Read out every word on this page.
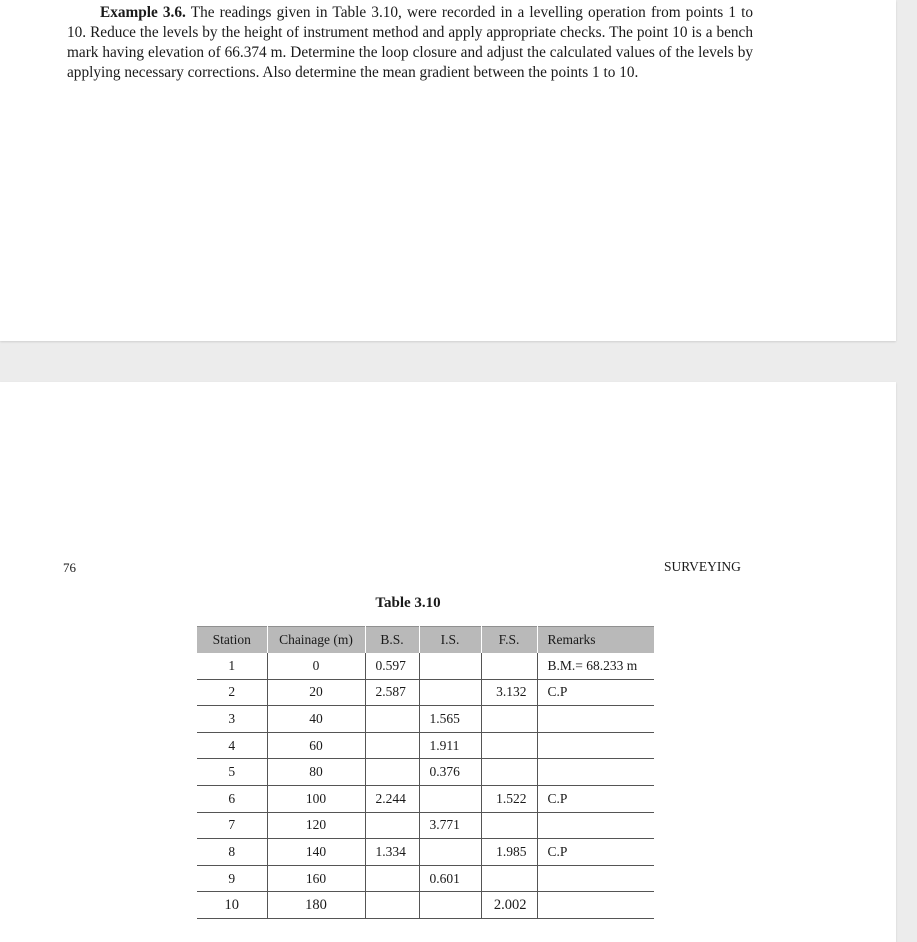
Example 3.6. The readings given in Table 3.10, were recorded in a levelling operation from points 1 to 10. Reduce the levels by the height of instrument method and apply appropriate checks. The point 10 is a bench mark having elevation of 66.374 m. Determine the loop closure and adjust the calculated values of the levels by applying necessary corrections. Also determine the mean gradient between the points 1 to 10.

76	SURVEYING
Table 3.10
Station	Chainage (m)	B.S.	I.S.	F.S.	Remarks
1	0	0.597			B.M.= 68.233 m
2	20	2.587		3.132	C.P
3	40		1.565		
4	60		1.911		
5	80		0.376		
6	100	2.244		1.522	C.P
7	120		3.771		
8	140	1.334		1.985	C.P
9	160		0.601		
10	180			2.002	
